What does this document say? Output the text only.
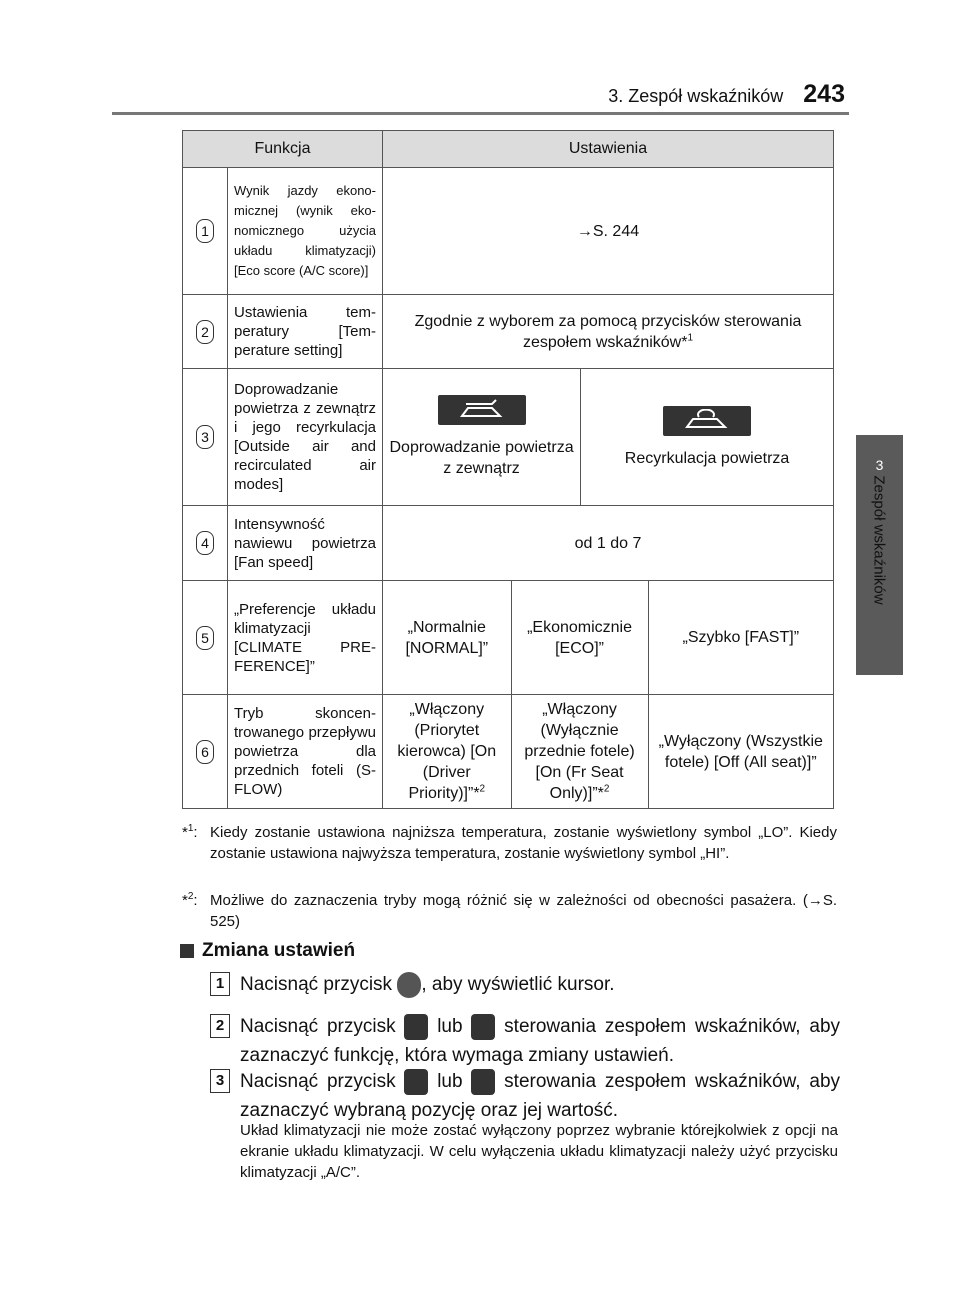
3. Zespół wskaźników 243
3
Zespół wskaźników
Funkcja		Ustawienia			
1	Wynik jazdy ekonomicznej (wynik ekonomicznego użycia układu klimatyzacji) [Eco score (A/C score)]	→S. 244			
2	Ustawienia temperatury [Temperature setting]	Zgodnie z wyborem za pomocą przycisków sterowania zespołem wskaźników*$^1$
3	Doprowadzanie powietrza z zewnątrz i jego recyrkulacja [Outside air and recirculated air modes]	Doprowadzanie powietrza z zewnątrz		Recyrkulacja powietrza	
4	Intensywność nawiewu powietrza [Fan speed]	od 1 do 7			
5	„Preferencje układu klimatyzacji [CLIMATE PREFERENCE]”	„Normalnie [NORMAL]”	„Ekonomicznie [ECO]”		„Szybko [FAST]”
6	Tryb skoncentrowanego przepływu powietrza dla przednich foteli (S-FLOW)	„Włączony (Priorytet kierowca) [On (Driver Priority)]”*$^2$	„Włączony (Wyłącznie przednie fotele) [On (Fr Seat Only)]”*$^2$		„Wyłączony (Wszystkie fotele) [Off (All seat)]”
*$^1$: Kiedy zostanie ustawiona najniższa temperatura, zostanie wyświetlony symbol „LO”. Kiedy zostanie ustawiona najwyższa temperatura, zostanie wyświetlony symbol „HI”.
*$^2$: Możliwe do zaznaczenia tryby mogą różnić się w zależności od obecności pasażera. (→S. 525)
Zmiana ustawień
1 Nacisnąć przycisk , aby wyświetlić kursor.
2 Nacisnąć przycisk lub sterowania zespołem wskaźników, aby zaznaczyć funkcję, która wymaga zmiany ustawień.
3 Nacisnąć przycisk lub sterowania zespołem wskaźników, aby zaznaczyć wybraną pozycję oraz jej wartość.
Układ klimatyzacji nie może zostać wyłączony poprzez wybranie którejkolwiek z opcji na ekranie układu klimatyzacji. W celu wyłączenia układu klimatyzacji należy użyć przycisku klimatyzacji „A/C”.
